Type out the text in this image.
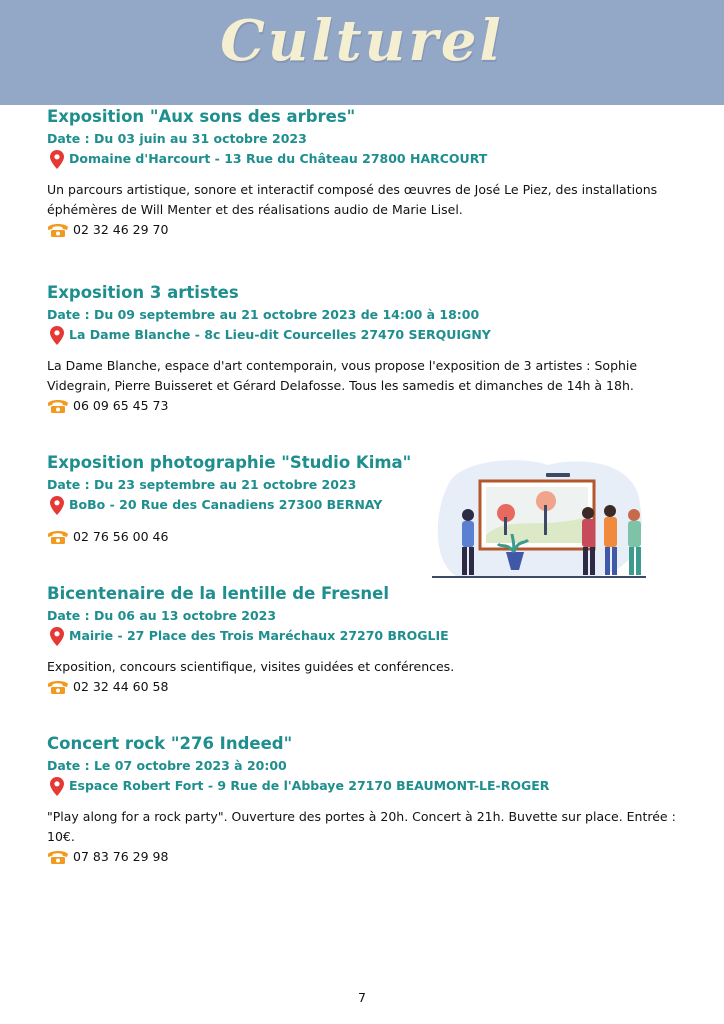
Culturel
Exposition "Aux sons des arbres"
Date : Du 03 juin au 31 octobre 2023
Domaine d'Harcourt - 13 Rue du Château 27800 HARCOURT
Un parcours artistique, sonore et interactif composé des œuvres de José Le Piez, des installations éphémères de Will Menter et des réalisations audio de Marie Lisel.
02 32 46 29 70
Exposition 3 artistes
Date : Du 09 septembre au 21 octobre 2023 de 14:00 à 18:00
La Dame Blanche - 8c Lieu-dit Courcelles 27470 SERQUIGNY
La Dame Blanche, espace d'art contemporain, vous propose l'exposition de 3 artistes : Sophie Videgrain, Pierre Buisseret et Gérard Delafosse. Tous les samedis et dimanches de 14h à 18h.
06 09 65 45 73
Exposition photographie "Studio Kima"
Date : Du 23 septembre au 21 octobre 2023
BoBo - 20 Rue des Canadiens 27300 BERNAY
02 76 56 00 46
Bicentenaire de la lentille de Fresnel
Date : Du 06 au 13 octobre 2023
Mairie - 27 Place des Trois Maréchaux 27270 BROGLIE
Exposition, concours scientifique, visites guidées et conférences.
02 32 44 60 58
Concert rock "276 Indeed"
Date : Le 07 octobre 2023 à 20:00
Espace Robert Fort - 9 Rue de l'Abbaye 27170 BEAUMONT-LE-ROGER
"Play along for a rock party". Ouverture des portes à 20h. Concert à 21h. Buvette sur place. Entrée : 10€.
07 83 76 29 98
7
